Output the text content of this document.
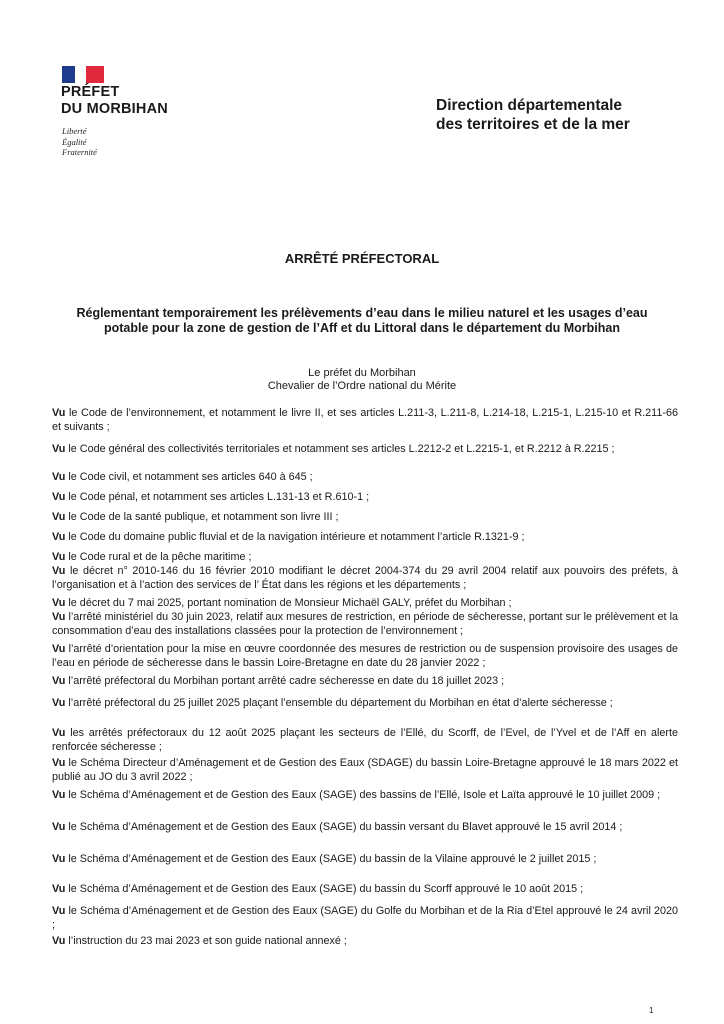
PRÉFET
DU MORBIHAN
Liberté
Égalité
Fraternité
Direction départementale
des territoires et de la mer
ARRÊTÉ PRÉFECTORAL
Réglementant temporairement les prélèvements d’eau dans le milieu naturel et les usages d’eau potable pour la zone de gestion de l’Aff et du Littoral dans le département du Morbihan
Le préfet du Morbihan
Chevalier de l’Ordre national du Mérite
Vu le Code de l’environnement, et notamment le livre II, et ses articles L.211-3, L.211-8, L.214-18, L.215-1, L.215-10 et R.211-66 et suivants ;
Vu le Code général des collectivités territoriales et notamment ses articles L.2212-2 et L.2215-1, et R.2212 à R.2215 ;
Vu le Code civil, et notamment ses articles 640 à 645 ;
Vu le Code pénal, et notamment ses articles L.131-13 et R.610-1 ;
Vu le Code de la santé publique, et notamment son livre III ;
Vu le Code du domaine public fluvial et de la navigation intérieure et notamment l’article R.1321-9 ;
Vu le Code rural et de la pêche maritime ;
Vu le décret n° 2010-146 du 16 février 2010 modifiant le décret 2004-374 du 29 avril 2004 relatif aux pouvoirs des préfets, à l’organisation et à l’action des services de l’ État dans les régions et les départements ;
Vu le décret du 7 mai 2025, portant nomination de Monsieur Michaël GALY, préfet du Morbihan ;
Vu l’arrêté ministériel du 30 juin 2023, relatif aux mesures de restriction, en période de sécheresse, portant sur le prélèvement et la consommation d’eau des installations classées pour la protection de l’environnement ;
Vu l’arrêté d’orientation pour la mise en œuvre coordonnée des mesures de restriction ou de suspension provisoire des usages de l’eau en période de sécheresse dans le bassin Loire-Bretagne en date du 28 janvier 2022 ;
Vu l’arrêté préfectoral du Morbihan portant arrêté cadre sécheresse en date du 18 juillet 2023 ;
Vu l’arrêté préfectoral du 25 juillet 2025 plaçant l’ensemble du département du Morbihan en état d’alerte sécheresse ;
Vu les arrêtés préfectoraux du 12 août 2025 plaçant les secteurs de l’Ellé, du Scorff, de l’Evel, de l’Yvel et de l’Aff en alerte renforcée sécheresse ;
Vu le Schéma Directeur d’Aménagement et de Gestion des Eaux (SDAGE) du bassin Loire-Bretagne approuvé le 18 mars 2022 et publié au JO du 3 avril 2022 ;
Vu le Schéma d’Aménagement et de Gestion des Eaux (SAGE) des bassins de l’Ellé, Isole et Laïta approuvé le 10 juillet 2009 ;
Vu le Schéma d’Aménagement et de Gestion des Eaux (SAGE) du bassin versant du Blavet approuvé le 15 avril 2014 ;
Vu le Schéma d’Aménagement et de Gestion des Eaux (SAGE) du bassin de la Vilaine approuvé le 2 juillet 2015 ;
Vu le Schéma d’Aménagement et de Gestion des Eaux (SAGE) du bassin du Scorff approuvé le 10 août 2015 ;
Vu le Schéma d’Aménagement et de Gestion des Eaux (SAGE) du Golfe du Morbihan et de la Ria d’Etel approuvé le 24 avril 2020 ;
Vu l’instruction du 23 mai 2023 et son guide national annexé ;
1
